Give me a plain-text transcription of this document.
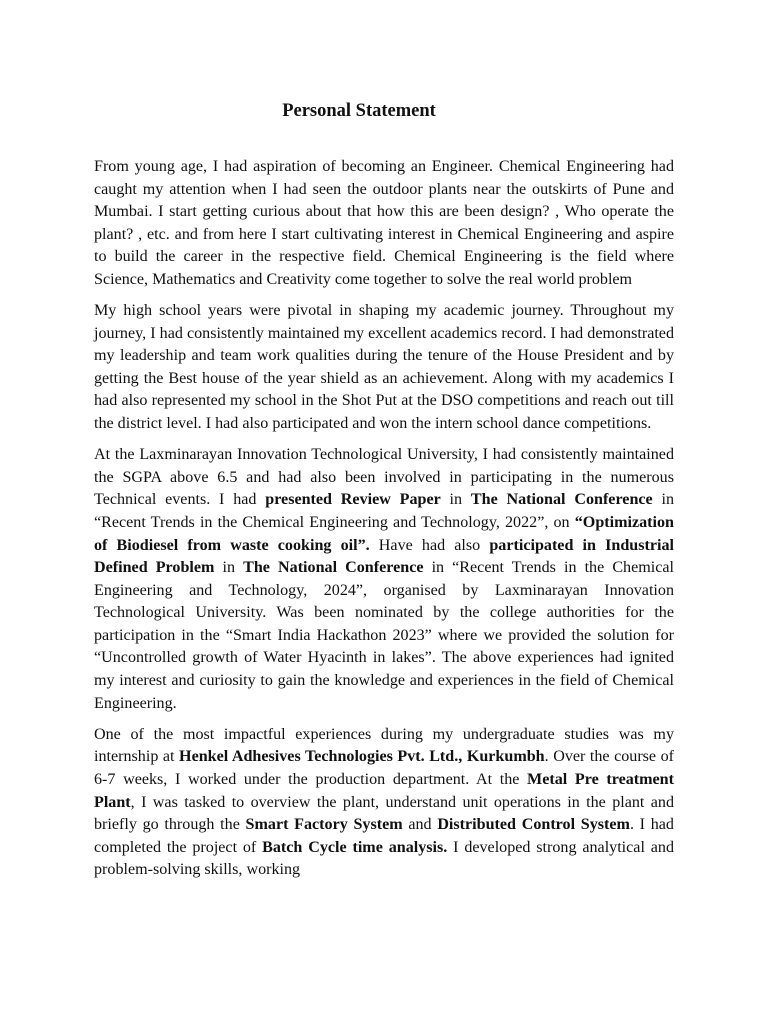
Personal Statement

From young age, I had aspiration of becoming an Engineer. Chemical Engineering had caught my attention when I had seen the outdoor plants near the outskirts of Pune and Mumbai. I start getting curious about that how this are been design? , Who operate the plant? , etc. and from here I start cultivating interest in Chemical Engineering and aspire to build the career in the respective field. Chemical Engineering is the field where Science, Mathematics and Creativity come together to solve the real world problem

My high school years were pivotal in shaping my academic journey. Throughout my journey, I had consistently maintained my excellent academics record. I had demonstrated my leadership and team work qualities during the tenure of the House President and by getting the Best house of the year shield as an achievement. Along with my academics I had also represented my school in the Shot Put at the DSO competitions and reach out till the district level. I had also participated and won the intern school dance competitions.

At the Laxminarayan Innovation Technological University, I had consistently maintained the SGPA above 6.5 and had also been involved in participating in the numerous Technical events. I had presented Review Paper in The National Conference in “Recent Trends in the Chemical Engineering and Technology, 2022”, on “Optimization of Biodiesel from waste cooking oil”. Have had also participated in Industrial Defined Problem in The National Conference in “Recent Trends in the Chemical Engineering and Technology, 2024”, organised by Laxminarayan Innovation Technological University. Was been nominated by the college authorities for the participation in the “Smart India Hackathon 2023” where we provided the solution for “Uncontrolled growth of Water Hyacinth in lakes”. The above experiences had ignited my interest and curiosity to gain the knowledge and experiences in the field of Chemical Engineering.

One of the most impactful experiences during my undergraduate studies was my internship at Henkel Adhesives Technologies Pvt. Ltd., Kurkumbh. Over the course of 6-7 weeks, I worked under the production department. At the Metal Pre treatment Plant, I was tasked to overview the plant, understand unit operations in the plant and briefly go through the Smart Factory System and Distributed Control System. I had completed the project of Batch Cycle time analysis. I developed strong analytical and problem-solving skills, working
